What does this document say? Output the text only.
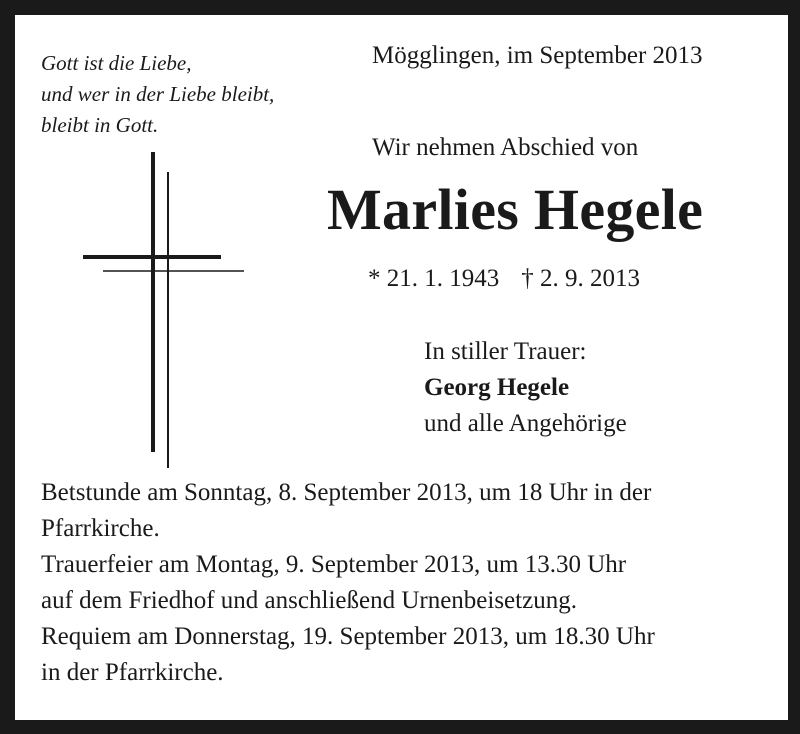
Gott ist die Liebe,
und wer in der Liebe bleibt,
bleibt in Gott.
Mögglingen, im September 2013
Wir nehmen Abschied von
Marlies Hegele
* 21. 1. 1943 † 2. 9. 2013
In stiller Trauer:
Georg Hegele
und alle Angehörige
Betstunde am Sonntag, 8. September 2013, um 18 Uhr in der
Pfarrkirche.
Trauerfeier am Montag, 9. September 2013, um 13.30 Uhr
auf dem Friedhof und anschließend Urnenbeisetzung.
Requiem am Donnerstag, 19. September 2013, um 18.30 Uhr
in der Pfarrkirche.
